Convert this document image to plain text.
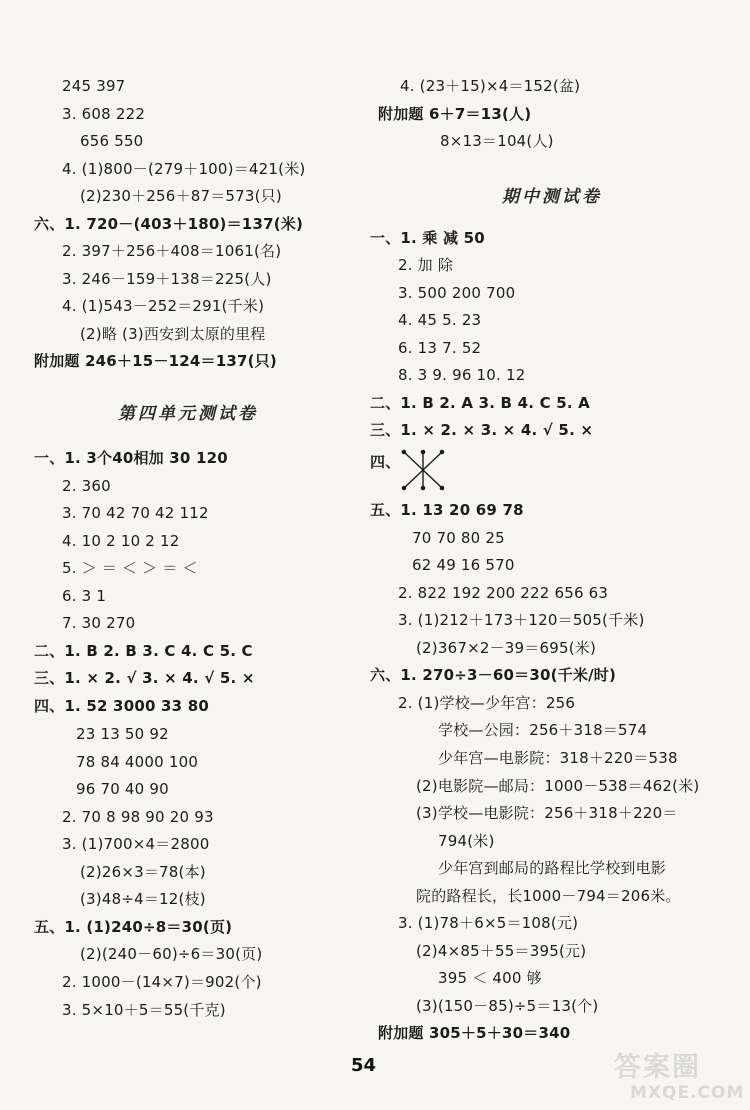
245 397
3. 608 222
656 550
4. (1)800－(279＋100)＝421(米)
(2)230＋256＋87＝573(只)
六、1. 720－(403＋180)＝137(米)
2. 397＋256＋408＝1061(名)
3. 246－159＋138＝225(人)
4. (1)543－252＝291(千米)
(2)略 (3)西安到太原的里程
附加题 246＋15－124＝137(只)
第四单元测试卷
一、1. 3个40相加 30 120
2. 360
3. 70 42 70 42 112
4. 10 2 10 2 12
5. ＞ ＝ ＜ ＞ ＝ ＜
6. 3 1
7. 30 270
二、1. B 2. B 3. C 4. C 5. C
三、1. × 2. √ 3. × 4. √ 5. ×
四、1. 52 3000 33 80
23 13 50 92
78 84 4000 100
96 70 40 90
2. 70 8 98 90 20 93
3. (1)700×4＝2800
(2)26×3＝78(本)
(3)48÷4＝12(枝)
五、1. (1)240÷8＝30(页)
(2)(240－60)÷6＝30(页)
2. 1000－(14×7)＝902(个)
3. 5×10＋5＝55(千克)
4. (23＋15)×4＝152(盆)
附加题 6＋7＝13(人)
8×13＝104(人)
期中测试卷
一、1. 乘 减 50
2. 加 除
3. 500 200 700
4. 45 5. 23
6. 13 7. 52
8. 3 9. 96 10. 12
二、1. B 2. A 3. B 4. C 5. A
三、1. × 2. × 3. × 4. √ 5. ×
四、
五、1. 13 20 69 78
70 70 80 25
62 49 16 570
2. 822 192 200 222 656 63
3. (1)212＋173＋120＝505(千米)
(2)367×2－39＝695(米)
六、1. 270÷3－60＝30(千米/时)
2. (1)学校—少年宫：256
学校—公园：256＋318＝574
少年宫—电影院：318＋220＝538
(2)电影院—邮局：1000－538＝462(米)
(3)学校—电影院：256＋318＋220＝
794(米)
少年宫到邮局的路程比学校到电影
院的路程长，长1000－794＝206米。
3. (1)78＋6×5＝108(元)
(2)4×85＋55＝395(元)
395 ＜ 400 够
(3)(150－85)÷5＝13(个)
附加题 305＋5＋30＝340
54	答案圈
MXQE.COM
